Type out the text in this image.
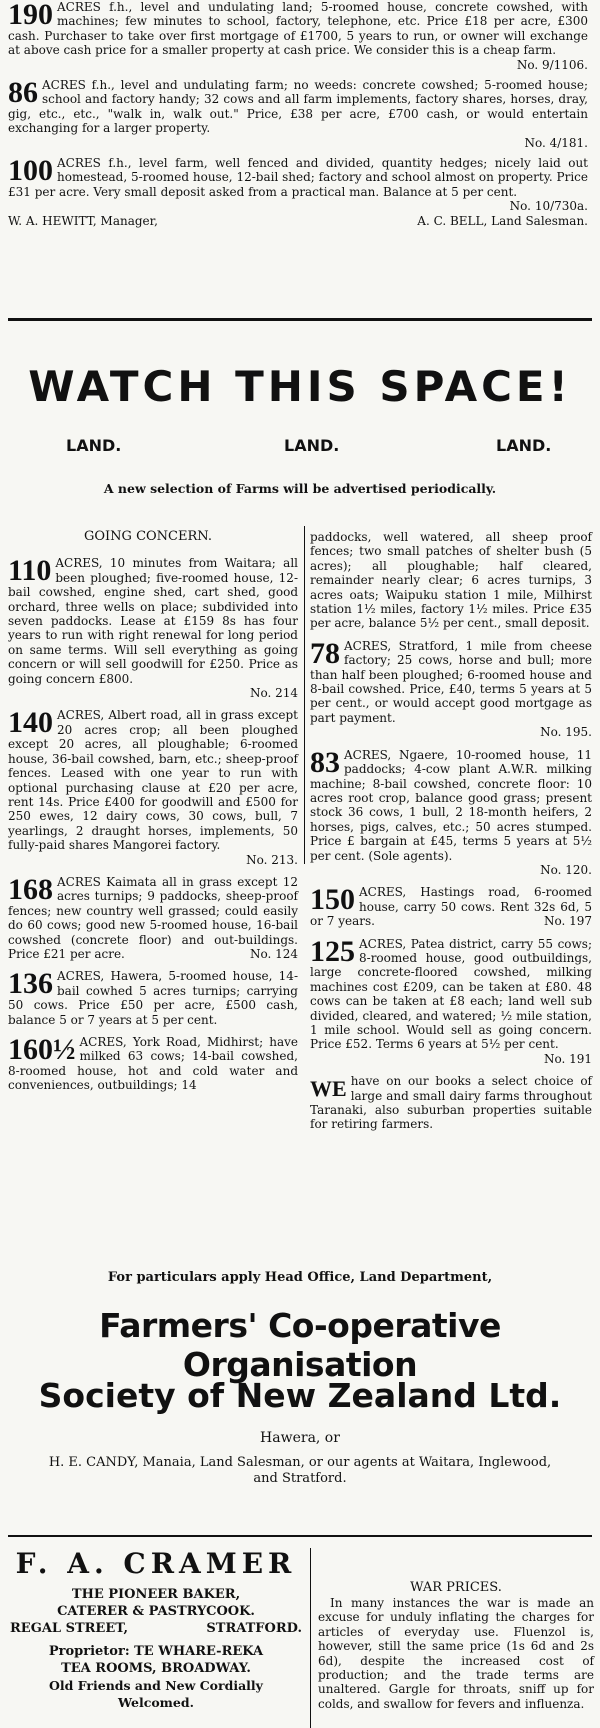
190 ACRES f.h., level and undulating land; 5-roomed house, concrete cowshed, with machines; few minutes to school, factory, telephone, etc. Price £18 per acre, £300 cash. Purchaser to take over first mortgage of £1700, 5 years to run, or owner will exchange at above cash price for a smaller property at cash price. We consider this is a cheap farm.

No. 9/1106.

86 ACRES f.h., level and undulating farm; no weeds: concrete cowshed; 5-roomed house; school and factory handy; 32 cows and all farm implements, factory shares, horses, dray, gig, etc., etc., "walk in, walk out." Price, £38 per acre, £700 cash, or would entertain exchanging for a larger property.

No. 4/181.

100 ACRES f.h., level farm, well fenced and divided, quantity hedges; nicely laid out homestead, 5-roomed house, 12-bail shed; factory and school almost on property. Price £31 per acre. Very small deposit asked from a practical man. Balance at 5 per cent.

No. 10/730a.
W. A. HEWITT, Manager,	A. C. BELL, Land Salesman.
WATCH THIS SPACE!
LAND.	LAND.	LAND.
A new selection of Farms will be advertised periodically.
GOING CONCERN.

110 ACRES, 10 minutes from Waitara; all been ploughed; five-roomed house, 12-bail cowshed, engine shed, cart shed, good orchard, three wells on place; subdivided into seven paddocks. Lease at £159 8s has four years to run with right renewal for long period on same terms. Will sell everything as going concern or will sell goodwill for £250. Price as going concern £800.

No. 214

140 ACRES, Albert road, all in grass except 20 acres crop; all been ploughed except 20 acres, all ploughable; 6-roomed house, 36-bail cowshed, barn, etc.; sheep-proof fences. Leased with one year to run with optional purchasing clause at £20 per acre, rent 14s. Price £400 for goodwill and £500 for 250 ewes, 12 dairy cows, 30 cows, bull, 7 yearlings, 2 draught horses, implements, 50 fully-paid shares Mangorei factory.

No. 213.

168 ACRES Kaimata all in grass except 12 acres turnips; 9 paddocks, sheep-proof fences; new country well grassed; could easily do 60 cows; good new 5-roomed house, 16-bail cowshed (concrete floor) and out-buildings. Price £21 per acre.	No. 124

136 ACRES, Hawera, 5-roomed house, 14-bail cowhed 5 acres turnips; carrying 50 cows. Price £50 per acre, £500 cash, balance 5 or 7 years at 5 per cent.

160½ ACRES, York Road, Midhirst; have milked 63 cows; 14-bail cowshed, 8-roomed house, hot and cold water and conveniences, outbuildings; 14

paddocks, well watered, all sheep proof fences; two small patches of shelter bush (5 acres); all ploughable; half cleared, remainder nearly clear; 6 acres turnips, 3 acres oats; Waipuku station 1 mile, Milhirst station 1½ miles, factory 1½ miles. Price £35 per acre, balance 5½ per cent., small deposit.

78 ACRES, Stratford, 1 mile from cheese factory; 25 cows, horse and bull; more than half been ploughed; 6-roomed house and 8-bail cowshed. Price, £40, terms 5 years at 5 per cent., or would accept good mortgage as part payment.

No. 195.

83 ACRES, Ngaere, 10-roomed house, 11 paddocks; 4-cow plant A.W.R. milking machine; 8-bail cowshed, concrete floor: 10 acres root crop, balance good grass; present stock 36 cows, 1 bull, 2 18-month heifers, 2 horses, pigs, calves, etc.; 50 acres stumped. Price £ bargain at £45, terms 5 years at 5½ per cent. (Sole agents).

No. 120.

150 ACRES, Hastings road, 6-roomed house, carry 50 cows. Rent 32s 6d, 5 or 7 years.	No. 197

125 ACRES, Patea district, carry 55 cows; 8-roomed house, good outbuildings, large concrete-floored cowshed, milking machines cost £209, can be taken at £80. 48 cows can be taken at £8 each; land well sub divided, cleared, and watered; ½ mile station, 1 mile school. Would sell as going concern. Price £52. Terms 6 years at 5½ per cent.

No. 191

WE have on our books a select choice of large and small dairy farms throughout Taranaki, also suburban properties suitable for retiring farmers.

For particulars apply Head Office, Land Department,
Farmers' Co-operative Organisation
Society of New Zealand Ltd.
Hawera, or
H. E. CANDY, Manaia, Land Salesman, or our agents at Waitara, Inglewood, and Stratford.
F. A. CRAMER
THE PIONEER BAKER,
CATERER & PASTRYCOOK.
REGAL STREET,	STRATFORD.
Proprietor: TE WHARE-REKA
TEA ROOMS, BROADWAY.
Old Friends and New Cordially Welcomed.
WAR PRICES.

In many instances the war is made an excuse for unduly inflating the charges for articles of everyday use. Fluenzol is, however, still the same price (1s 6d and 2s 6d), despite the increased cost of production; and the trade terms are unaltered. Gargle for throats, sniff up for colds, and swallow for fevers and influenza.
